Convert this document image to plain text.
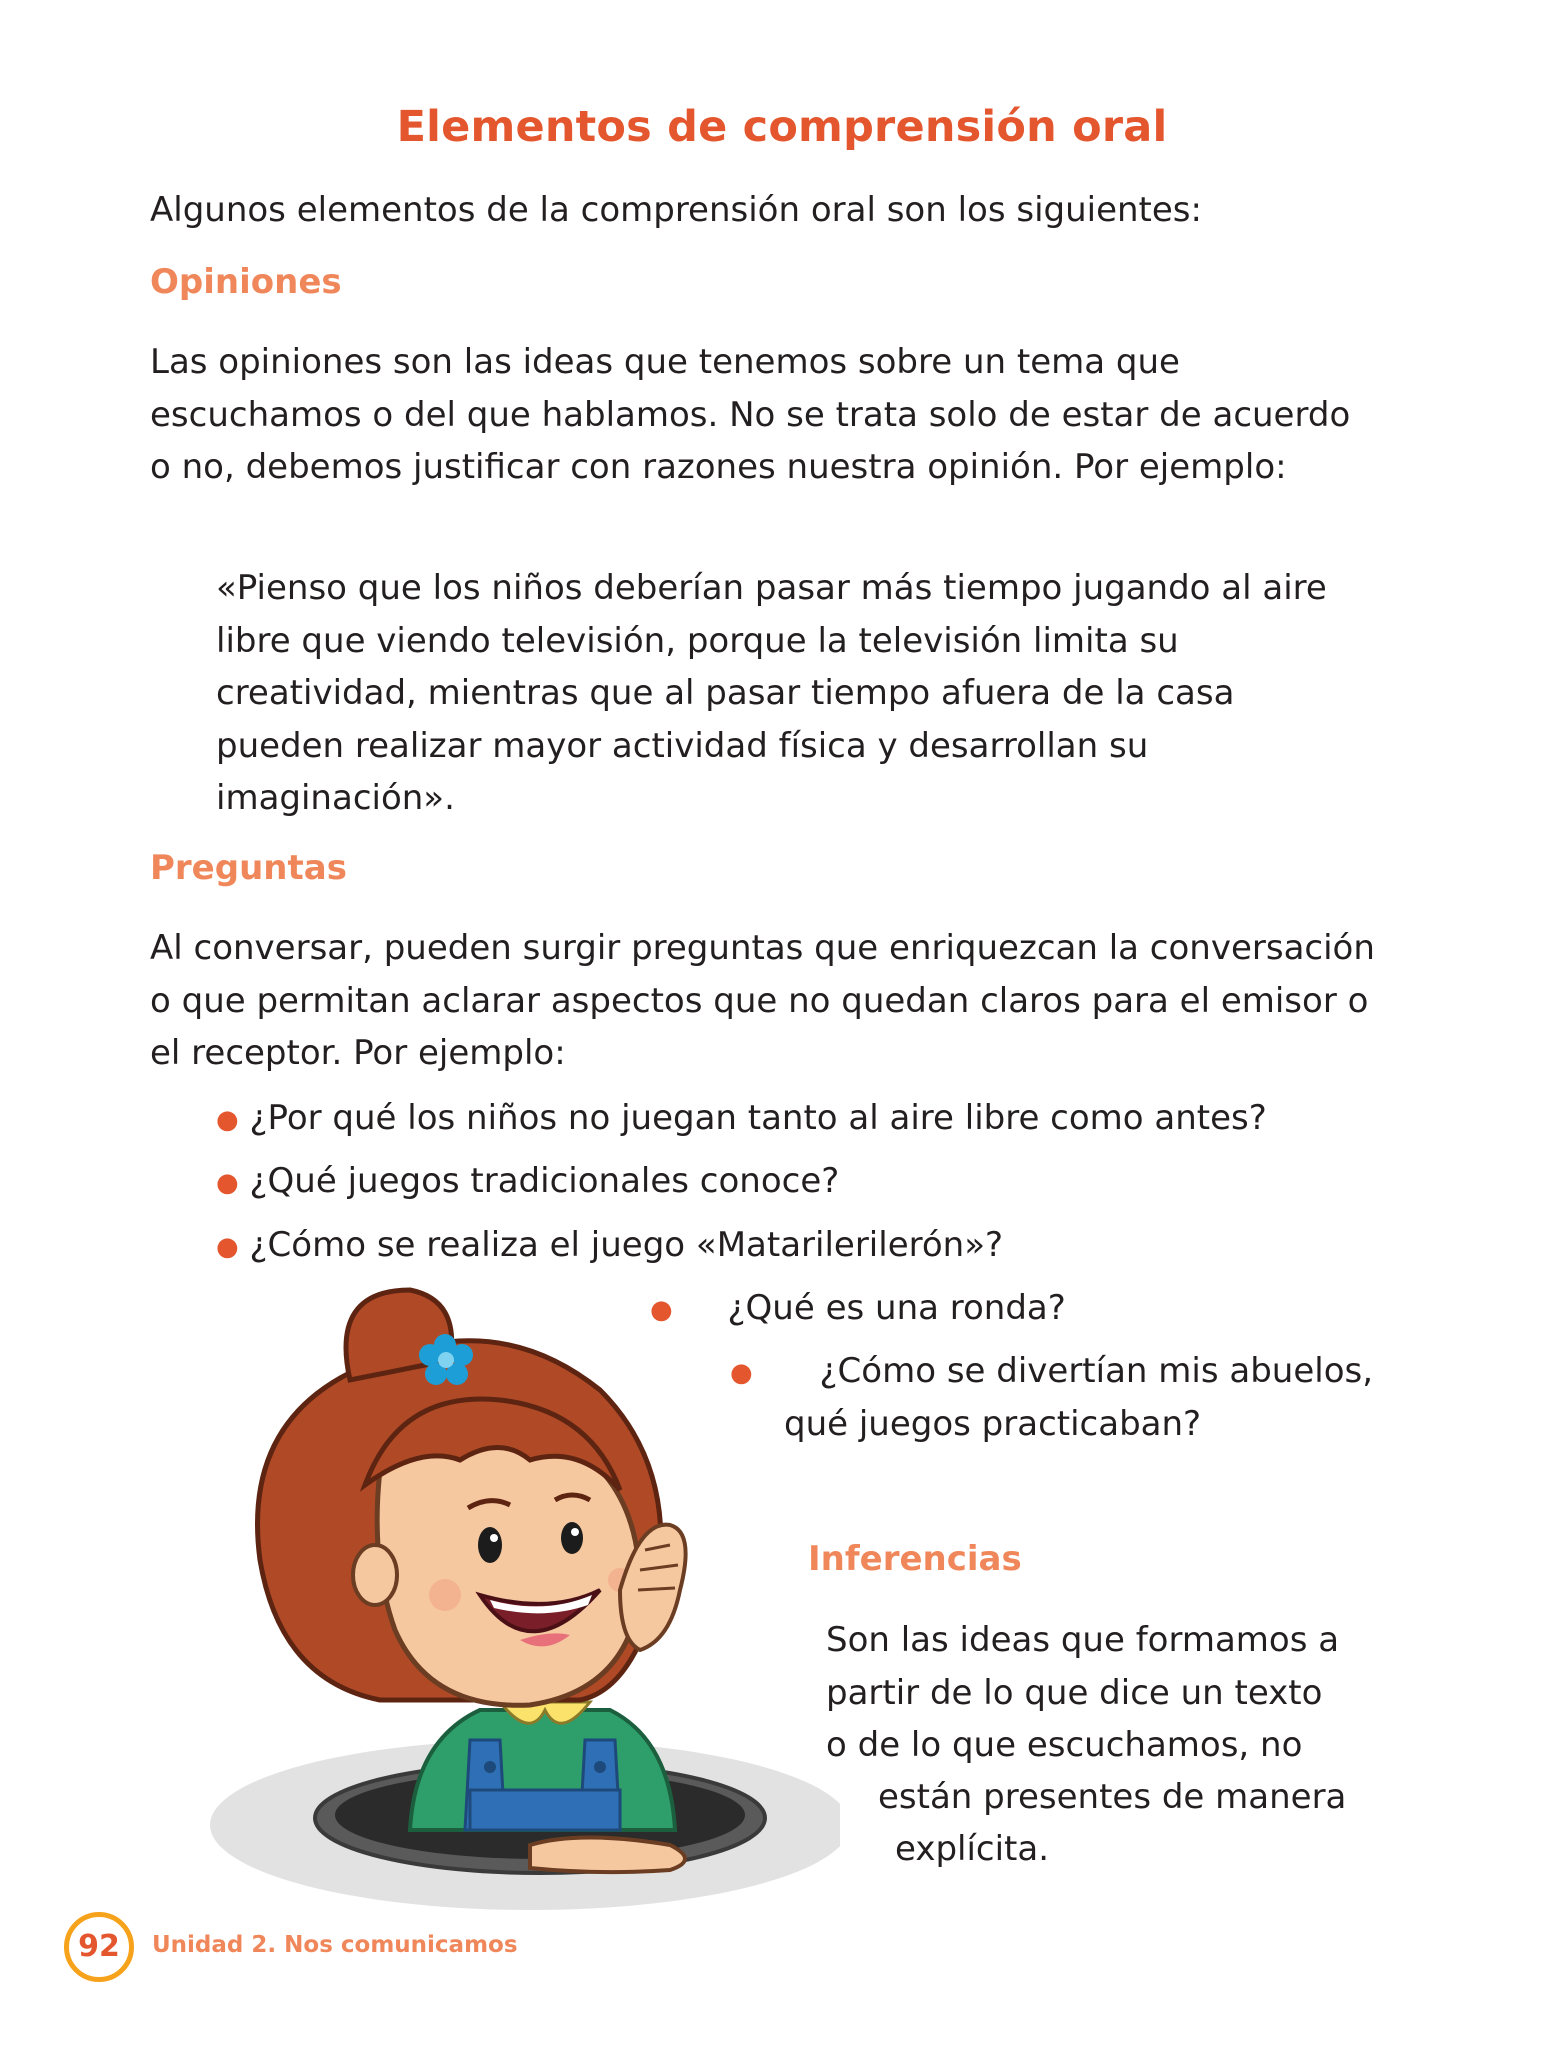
Elementos de comprensión oral

Algunos elementos de la comprensión oral son los siguientes:

Opiniones

Las opiniones son las ideas que tenemos sobre un tema que escuchamos o del que hablamos. No se trata solo de estar de acuerdo o no, debemos justificar con razones nuestra opinión. Por ejemplo:

«Pienso que los niños deberían pasar más tiempo jugando al aire libre que viendo televisión, porque la televisión limita su creatividad, mientras que al pasar tiempo afuera de la casa pueden realizar mayor actividad física y desarrollan su imaginación».

Preguntas

Al conversar, pueden surgir preguntas que enriquezcan la conversación o que permitan aclarar aspectos que no quedan claros para el emisor o el receptor. Por ejemplo:

● ¿Por qué los niños no juegan tanto al aire libre como antes?
● ¿Qué juegos tradicionales conoce?
● ¿Cómo se realiza el juego «Matarilerilerón»?
● ¿Qué es una ronda?
● ¿Cómo se divertían mis abuelos,
qué juegos practicaban?
Inferencias
Son las ideas que formamos a
partir de lo que dice un texto
o de lo que escuchamos, no
están presentes de manera
explícita.
92	Unidad 2. Nos comunicamos
